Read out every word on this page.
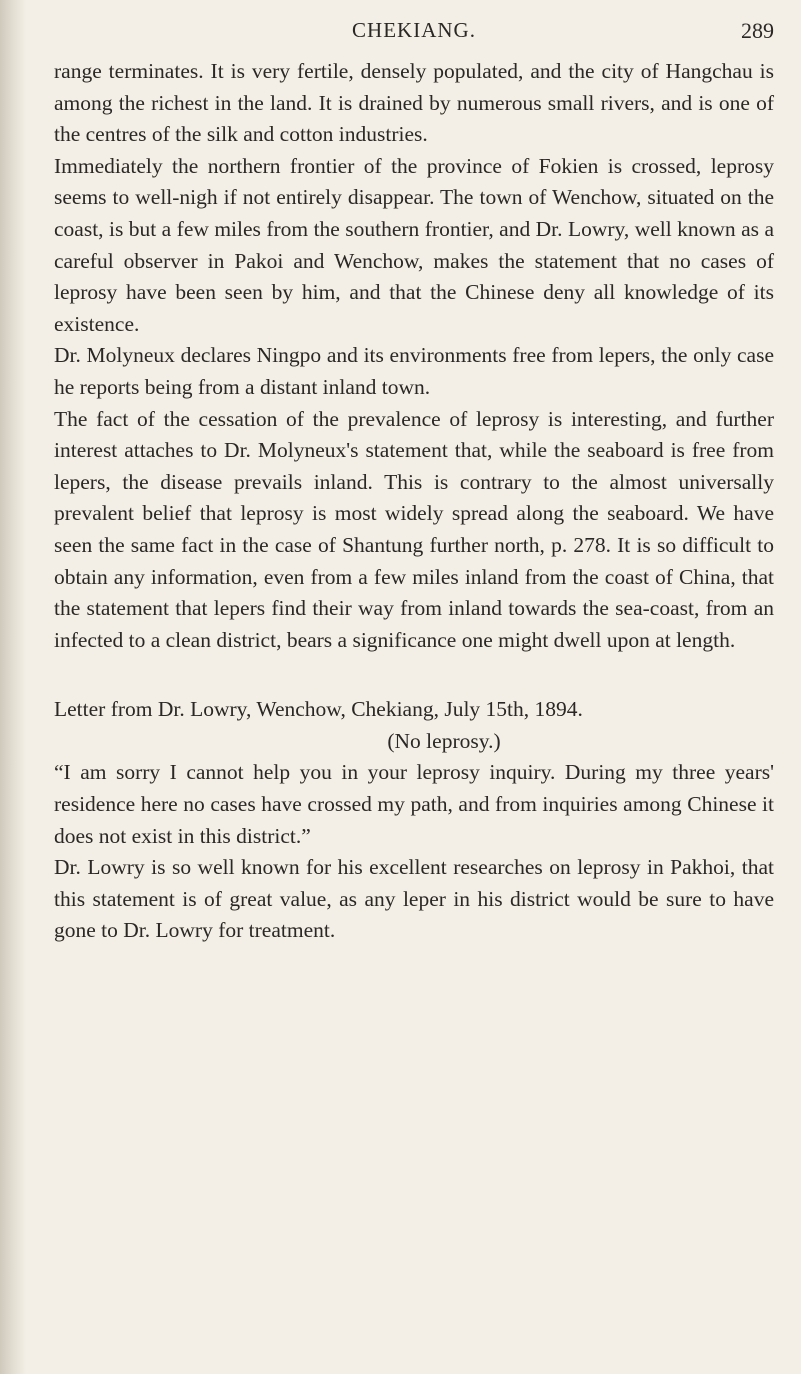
CHEKIANG.	289

range terminates. It is very fertile, densely populated, and the city of Hangchau is among the richest in the land. It is drained by numerous small rivers, and is one of the centres of the silk and cotton industries.

Immediately the northern frontier of the province of Fokien is crossed, leprosy seems to well-nigh if not entirely disappear. The town of Wenchow, situated on the coast, is but a few miles from the southern frontier, and Dr. Lowry, well known as a careful observer in Pakoi and Wenchow, makes the statement that no cases of leprosy have been seen by him, and that the Chinese deny all knowledge of its existence.

Dr. Molyneux declares Ningpo and its environments free from lepers, the only case he reports being from a distant inland town.

The fact of the cessation of the prevalence of leprosy is interesting, and further interest attaches to Dr. Molyneux's statement that, while the seaboard is free from lepers, the disease prevails inland. This is contrary to the almost universally prevalent belief that leprosy is most widely spread along the seaboard. We have seen the same fact in the case of Shantung further north, p. 278. It is so difficult to obtain any information, even from a few miles inland from the coast of China, that the statement that lepers find their way from inland towards the sea-coast, from an infected to a clean district, bears a significance one might dwell upon at length.

Letter from Dr. Lowry, Wenchow, Chekiang, July 15th, 1894.

(No leprosy.)

“I am sorry I cannot help you in your leprosy inquiry. During my three years' residence here no cases have crossed my path, and from inquiries among Chinese it does not exist in this district.”

Dr. Lowry is so well known for his excellent researches on leprosy in Pakhoi, that this statement is of great value, as any leper in his district would be sure to have gone to Dr. Lowry for treatment.
